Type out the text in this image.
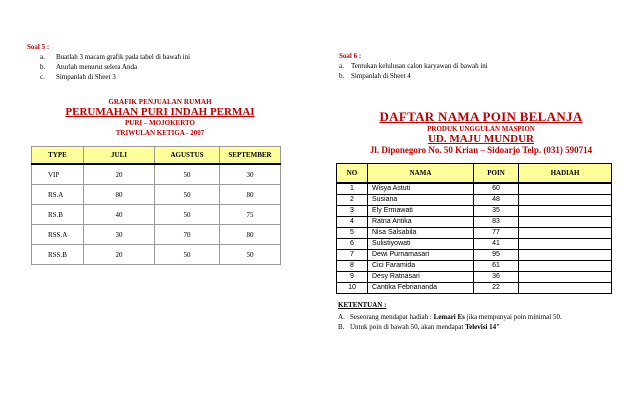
Soal 5 :
a.	Buatlah 3 macam grafik pada tabel di bawah ini
b.	Aturlah menurut selera Anda
c.	Simpanlah di Sheet 3
Soal 6 :
a.	Tentukan kelulusan calon karyawan di bawah ini
b. Simpanlah di Sheet 4
GRAFIK PENJUALAN RUMAH
PERUMAHAN PURI INDAH PERMAI
PURI – MOJOKERTO
TRIWULAN KETIGA - 2007
TYPE	JULI	AGUSTUS	SEPTEMBER
VIP	20	50	30
RS.A	80	50	80
RS.B	40	50	75
RSS.A	30	70	80
RSS.B	20	50	50
DAFTAR NAMA POIN BELANJA
PRODUK UNGGULAN MASPION
UD. MAJU MUNDUR
Jl. Diponegoro No. 50 Krian – Sidoarjo Telp. (031) 590714
NO	NAMA	POIN	HADIAH
1	Wisya Astuti	60	
2	Susiana	48	
3	Ely Ermawati	35	
4	Ratna Antika	83	
5	Nisa Salsabila	77	
6	Sulistiyowati	41	
7	Dewi Purnamasari	95	
8	Cici Faramida	61	
9	Desy Ratnasari	36	
10	Cantika Febriananda	22	
KETENTUAN :
A. Seseorang mendapat hadiah : Lemari Es jika mempunyai poin minimal 50.
B. Untuk poin di bawah 50, akan mendapat Televisi 14"
